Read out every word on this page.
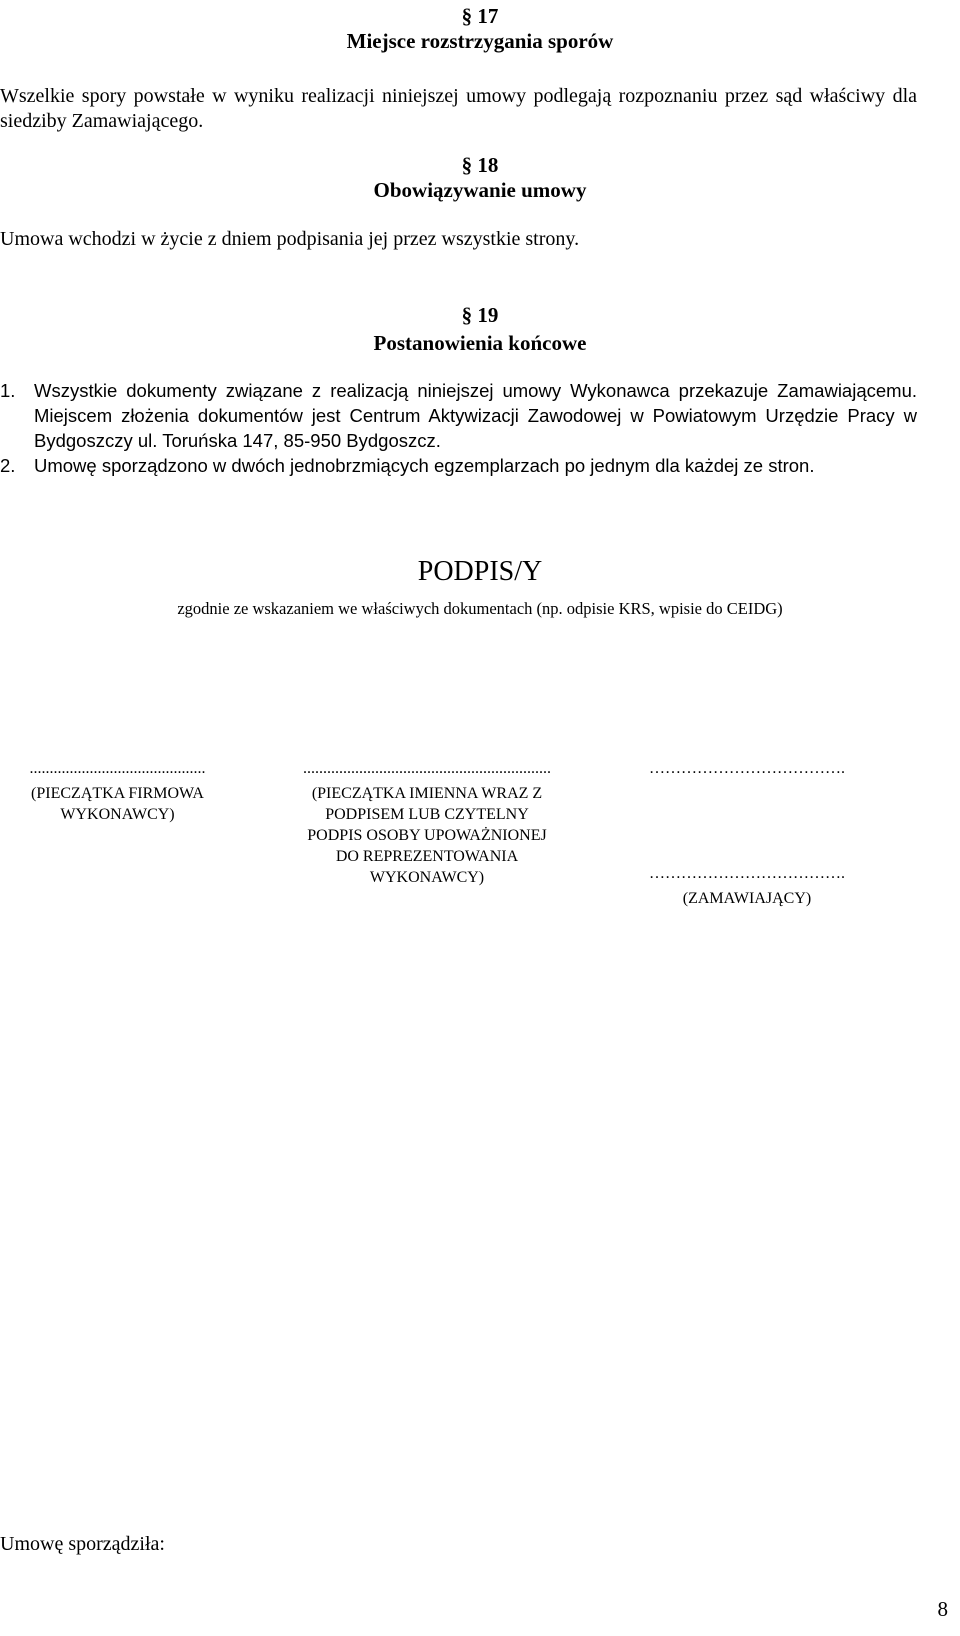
§ 17
Miejsce rozstrzygania sporów
Wszelkie spory powstałe w wyniku realizacji niniejszej umowy podlegają rozpoznaniu przez sąd właściwy dla siedziby Zamawiającego.
§ 18
Obowiązywanie umowy
Umowa wchodzi w życie z dniem podpisania jej przez wszystkie strony.
§ 19
Postanowienia końcowe
1. Wszystkie dokumenty związane z realizacją niniejszej umowy Wykonawca przekazuje Zamawiającemu. Miejscem złożenia dokumentów jest Centrum Aktywizacji Zawodowej w Powiatowym Urzędzie Pracy w Bydgoszczy ul. Toruńska 147, 85-950 Bydgoszcz.
2. Umowę sporządzono w dwóch jednobrzmiących egzemplarzach po jednym dla każdej ze stron.
PODPIS/Y
zgodnie ze wskazaniem we właściwych dokumentach (np. odpisie KRS, wpisie do CEIDG)
............................................
(PIECZĄTKA FIRMOWA WYKONAWCY)
..............................................................
(PIECZĄTKA IMIENNA WRAZ Z PODPISEM LUB CZYTELNY PODPIS OSOBY UPOWAŻNIONEJ DO REPREZENTOWANIA WYKONAWCY)
……………………………….
……………………………….
(ZAMAWIAJĄCY)
Umowę sporządziła:
8
